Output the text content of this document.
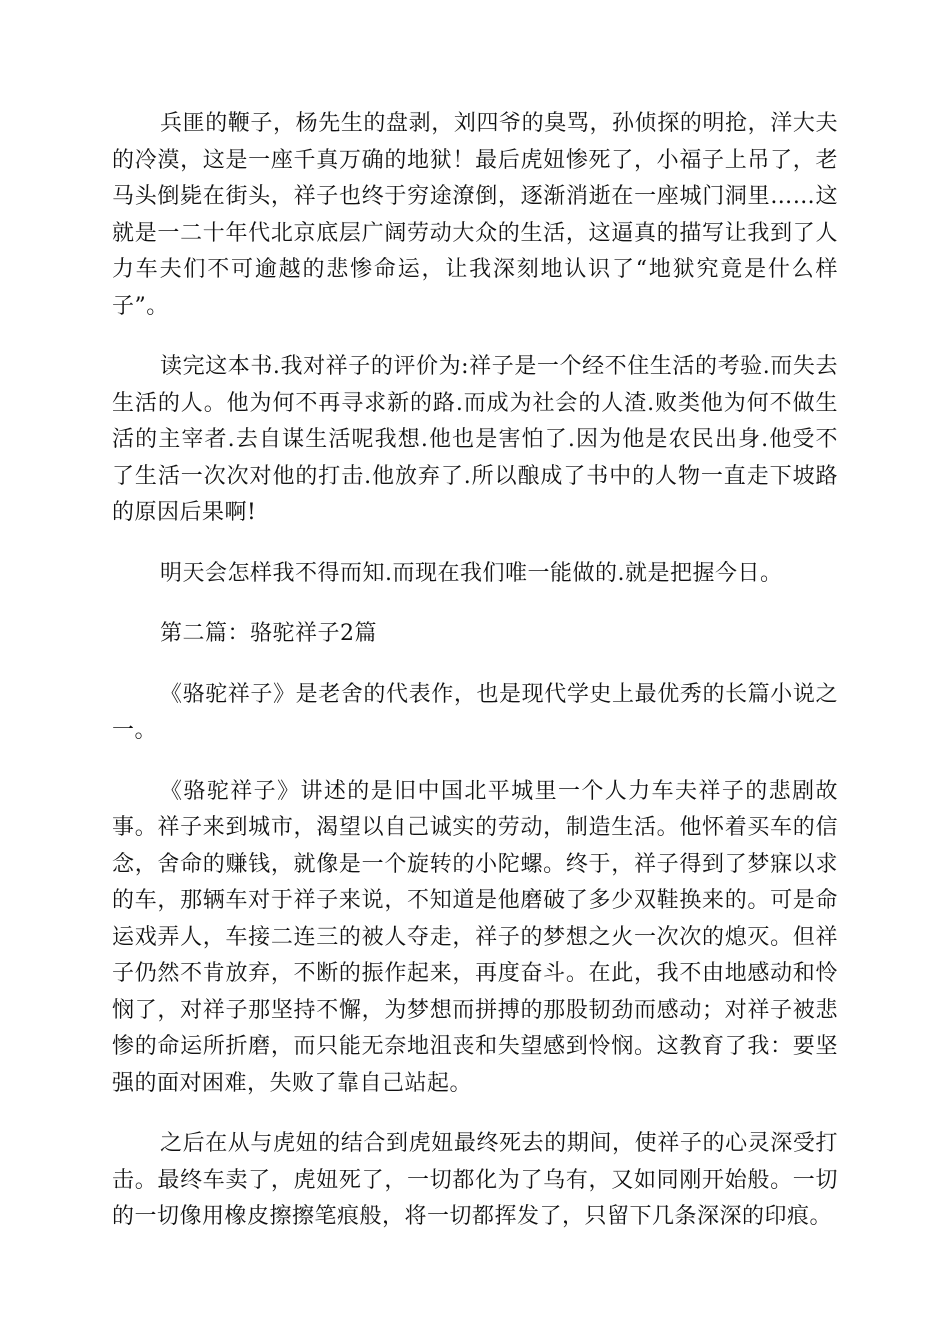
兵匪的鞭子，杨先生的盘剥，刘四爷的臭骂，孙侦探的明抢，洋大夫的冷漠，这是一座千真万确的地狱！最后虎妞惨死了，小福子上吊了，老马头倒毙在街头，祥子也终于穷途潦倒，逐渐消逝在一座城门洞里……这就是一二十年代北京底层广阔劳动大众的生活，这逼真的描写让我到了人力车夫们不可逾越的悲惨命运，让我深刻地认识了“地狱究竟是什么样子”。

读完这本书.我对祥子的评价为:祥子是一个经不住生活的考验.而失去生活的人。他为何不再寻求新的路.而成为社会的人渣.败类他为何不做生活的主宰者.去自谋生活呢我想.他也是害怕了.因为他是农民出身.他受不了生活一次次对他的打击.他放弃了.所以酿成了书中的人物一直走下坡路的原因后果啊!

明天会怎样我不得而知.而现在我们唯一能做的.就是把握今日。

第二篇：骆驼祥子2篇

《骆驼祥子》是老舍的代表作，也是现代学史上最优秀的长篇小说之一。

《骆驼祥子》讲述的是旧中国北平城里一个人力车夫祥子的悲剧故事。祥子来到城市，渴望以自己诚实的劳动，制造生活。他怀着买车的信念，舍命的赚钱，就像是一个旋转的小陀螺。终于，祥子得到了梦寐以求的车，那辆车对于祥子来说，不知道是他磨破了多少双鞋换来的。可是命运戏弄人，车接二连三的被人夺走，祥子的梦想之火一次次的熄灭。但祥子仍然不肯放弃，不断的振作起来，再度奋斗。在此，我不由地感动和怜悯了，对祥子那坚持不懈，为梦想而拼搏的那股韧劲而感动；对祥子被悲惨的命运所折磨，而只能无奈地沮丧和失望感到怜悯。这教育了我：要坚强的面对困难，失败了靠自己站起。

之后在从与虎妞的结合到虎妞最终死去的期间，使祥子的心灵深受打击。最终车卖了，虎妞死了，一切都化为了乌有，又如同刚开始般。一切的一切像用橡皮擦擦笔痕般，将一切都挥发了，只留下几条深深的印痕。
